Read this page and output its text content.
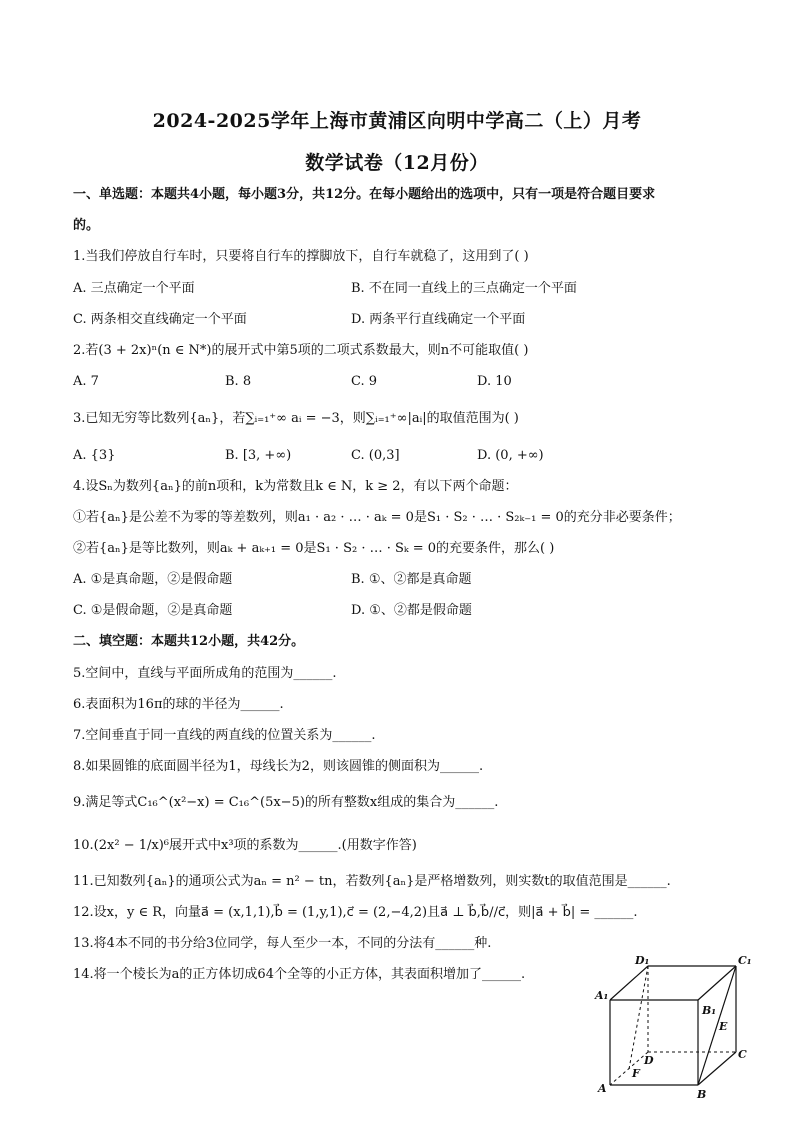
2024-2025学年上海市黄浦区向明中学高二（上）月考
数学试卷（12月份）
一、单选题：本题共4小题，每小题3分，共12分。在每小题给出的选项中，只有一项是符合题目要求
的。
1.当我们停放自行车时，只要将自行车的撑脚放下，自行车就稳了，这用到了( )
A. 三点确定一个平面	B. 不在同一直线上的三点确定一个平面
C. 两条相交直线确定一个平面	D. 两条平行直线确定一个平面
2.若(3 + 2x)ⁿ(n ∈ N*)的展开式中第5项的二项式系数最大，则n不可能取值( )
A. 7	B. 8	C. 9	D. 10
3.已知无穷等比数列{aₙ}，若∑ᵢ₌₁⁺∞ aᵢ = −3，则∑ᵢ₌₁⁺∞|aᵢ|的取值范围为( )
A. {3}	B. [3, +∞)	C. (0,3]	D. (0, +∞)
4.设Sₙ为数列{aₙ}的前n项和，k为常数且k ∈ N，k ≥ 2，有以下两个命题：
①若{aₙ}是公差不为零的等差数列，则a₁ · a₂ · … · aₖ = 0是S₁ · S₂ · … · S₂ₖ₋₁ = 0的充分非必要条件；
②若{aₙ}是等比数列，则aₖ + aₖ₊₁ = 0是S₁ · S₂ · … · Sₖ = 0的充要条件，那么( )
A. ①是真命题，②是假命题	B. ①、②都是真命题
C. ①是假命题，②是真命题	D. ①、②都是假命题
二、填空题：本题共12小题，共42分。
5.空间中，直线与平面所成角的范围为______.
6.表面积为16π的球的半径为______.
7.空间垂直于同一直线的两直线的位置关系为______.
8.如果圆锥的底面圆半径为1，母线长为2，则该圆锥的侧面积为______.
9.满足等式C₁₆^(x²−x) = C₁₆^(5x−5)的所有整数x组成的集合为______.
10.(2x² − 1/x)⁶展开式中x³项的系数为______.(用数字作答)
11.已知数列{aₙ}的通项公式为aₙ = n² − tn，若数列{aₙ}是严格增数列，则实数t的取值范围是______.
12.设x，y ∈ R，向量a⃗ = (x,1,1),b⃗ = (1,y,1),c⃗ = (2,−4,2)且a⃗ ⊥ b⃗,b⃗//c⃗，则|a⃗ + b⃗| = ______.
13.将4本不同的书分给3位同学，每人至少一本，不同的分法有______种.
14.将一个棱长为a的正方体切成64个全等的小正方体，其表面积增加了______.
D₁	C₁
A₁
B₁
E
D	C
F
A	B
